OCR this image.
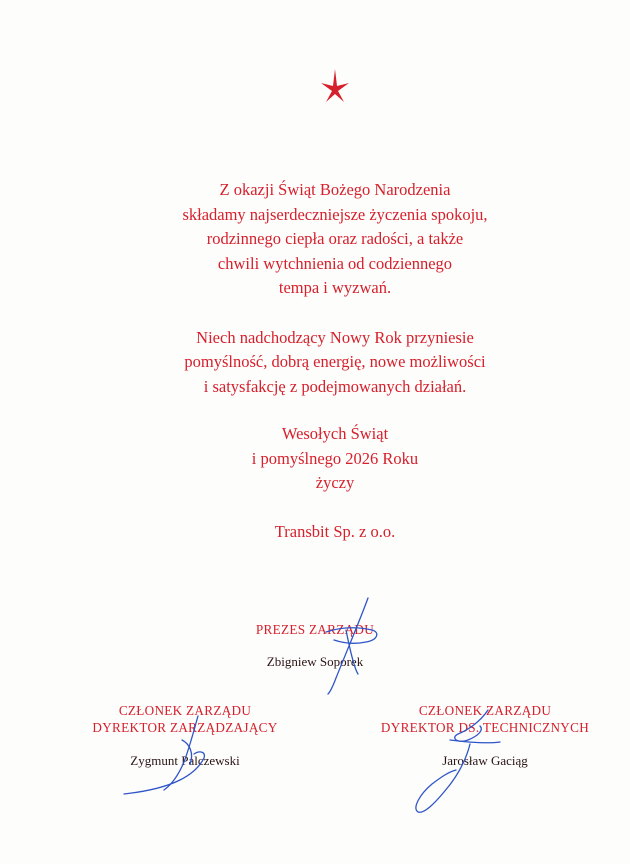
Z okazji Świąt Bożego Narodzenia

składamy najserdeczniejsze życzenia spokoju,

rodzinnego ciepła oraz radości, a także

chwili wytchnienia od codziennego

tempa i wyzwań.

Niech nadchodzący Nowy Rok przyniesie

pomyślność, dobrą energię, nowe możliwości

i satysfakcję z podejmowanych działań.

Wesołych Świąt

i pomyślnego 2026 Roku

życzy

Transbit Sp. z o.o.

PREZES ZARZĄDU
Zbigniew Soporek
CZŁONEK ZARZĄDU
DYREKTOR ZARZĄDZAJĄCY
Zygmunt Palczewski
CZŁONEK ZARZĄDU
DYREKTOR DS. TECHNICZNYCH
Jarosław Gaciąg
